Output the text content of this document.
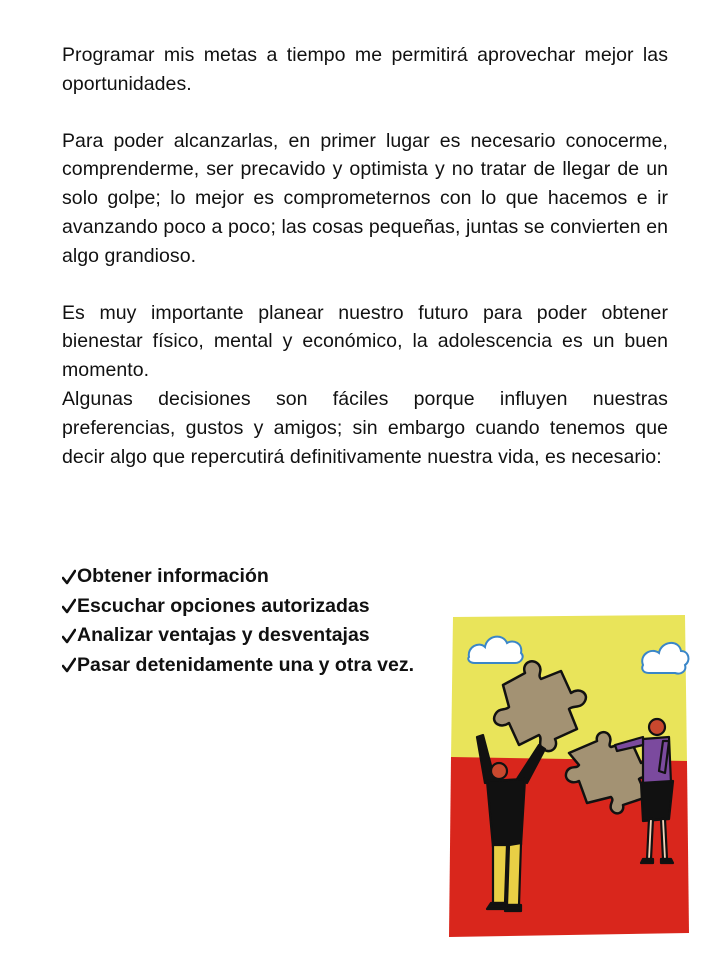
Programar mis metas a tiempo me permitirá aprovechar mejor las oportunidades.

Para poder alcanzarlas, en primer lugar es necesario conocerme, comprenderme, ser precavido y optimista y no tratar de llegar de un solo golpe; lo mejor es comprometernos con lo que hacemos e ir avanzando poco a poco; las cosas pequeñas, juntas se convierten en algo grandioso.

Es muy importante planear nuestro futuro para poder obtener bienestar físico, mental y económico, la adolescencia es un buen momento.

Algunas decisiones son fáciles porque influyen nuestras preferencias, gustos y amigos; sin embargo cuando tenemos que decir algo que repercutirá definitivamente nuestra vida, es necesario:

Obtener información
Escuchar opciones autorizadas
Analizar ventajas y desventajas
Pasar detenidamente una y otra vez.
